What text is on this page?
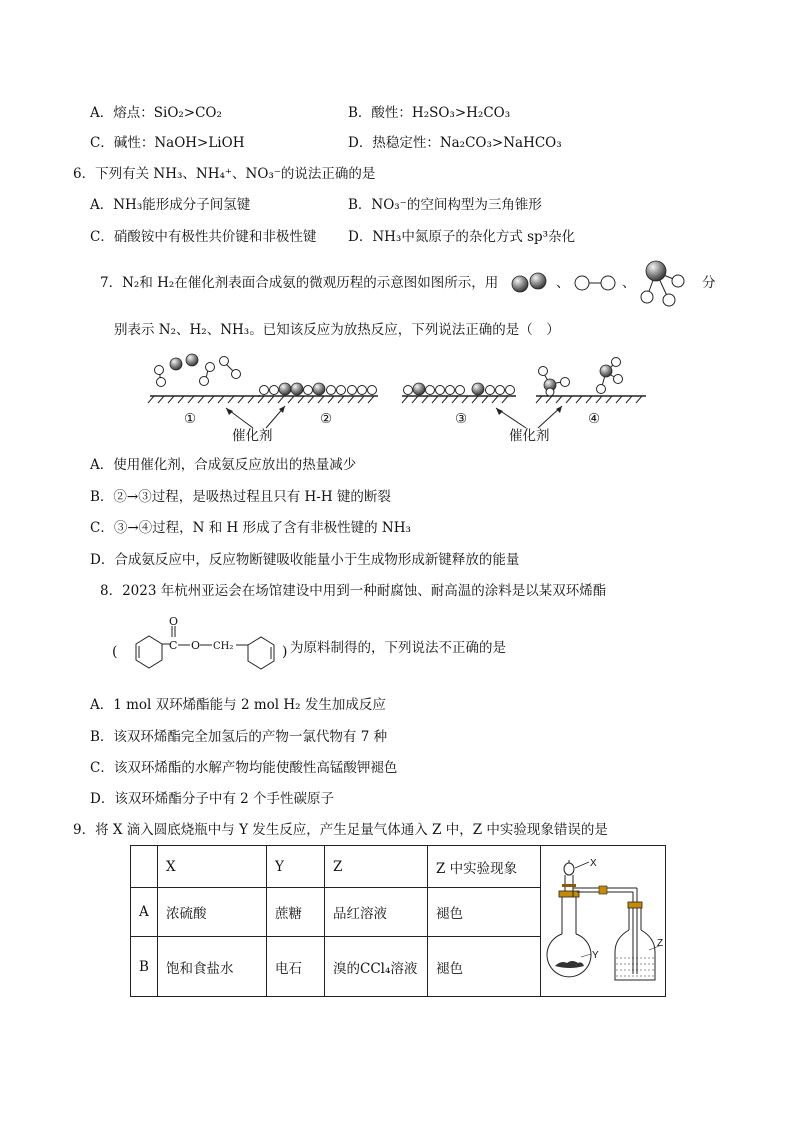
A．熔点：SiO₂>CO₂	B．酸性：H₂SO₃>H₂CO₃
C．碱性：NaOH>LiOH	D．热稳定性：Na₂CO₃>NaHCO₃
6．下列有关 NH₃、NH₄⁺、NO₃⁻的说法正确的是
A．NH₃能形成分子间氢键	B．NO₃⁻的空间构型为三角锥形
C．硝酸铵中有极性共价键和非极性键 D．NH₃中氮原子的杂化方式 sp³杂化
7．N₂和 H₂在催化剂表面合成氨的微观历程的示意图如图所示，用	、	、	分
别表示 N₂、H₂、NH₃。已知该反应为放热反应，下列说法正确的是（　）
①	②	③	④
催化剂	催化剂
A．使用催化剂，合成氨反应放出的热量减少
B．②→③过程，是吸热过程且只有 H-H 键的断裂
C．③→④过程，N 和 H 形成了含有非极性键的 NH₃
D．合成氨反应中，反应物断键吸收能量小于生成物形成新键释放的能量
8．2023 年杭州亚运会在场馆建设中用到一种耐腐蚀、耐高温的涂料是以某双环烯酯
(	C
O
O CH₂	) 为原料制得的，下列说法不正确的是
A．1 mol 双环烯酯能与 2 mol H₂ 发生加成反应
B．该双环烯酯完全加氢后的产物一氯代物有 7 种
C．该双环烯酯的水解产物均能使酸性高锰酸钾褪色
D．该双环烯酯分子中有 2 个手性碳原子
9．将 X 滴入圆底烧瓶中与 Y 发生反应，产生足量气体通入 Z 中，Z 中实验现象错误的是
	X	Y	Z	Z 中实验现象	X
Y
Z

A	浓硫酸	蔗糖	品红溶液	褪色	
B	饱和食盐水	电石	溴的CCl₄溶液	褪色	
